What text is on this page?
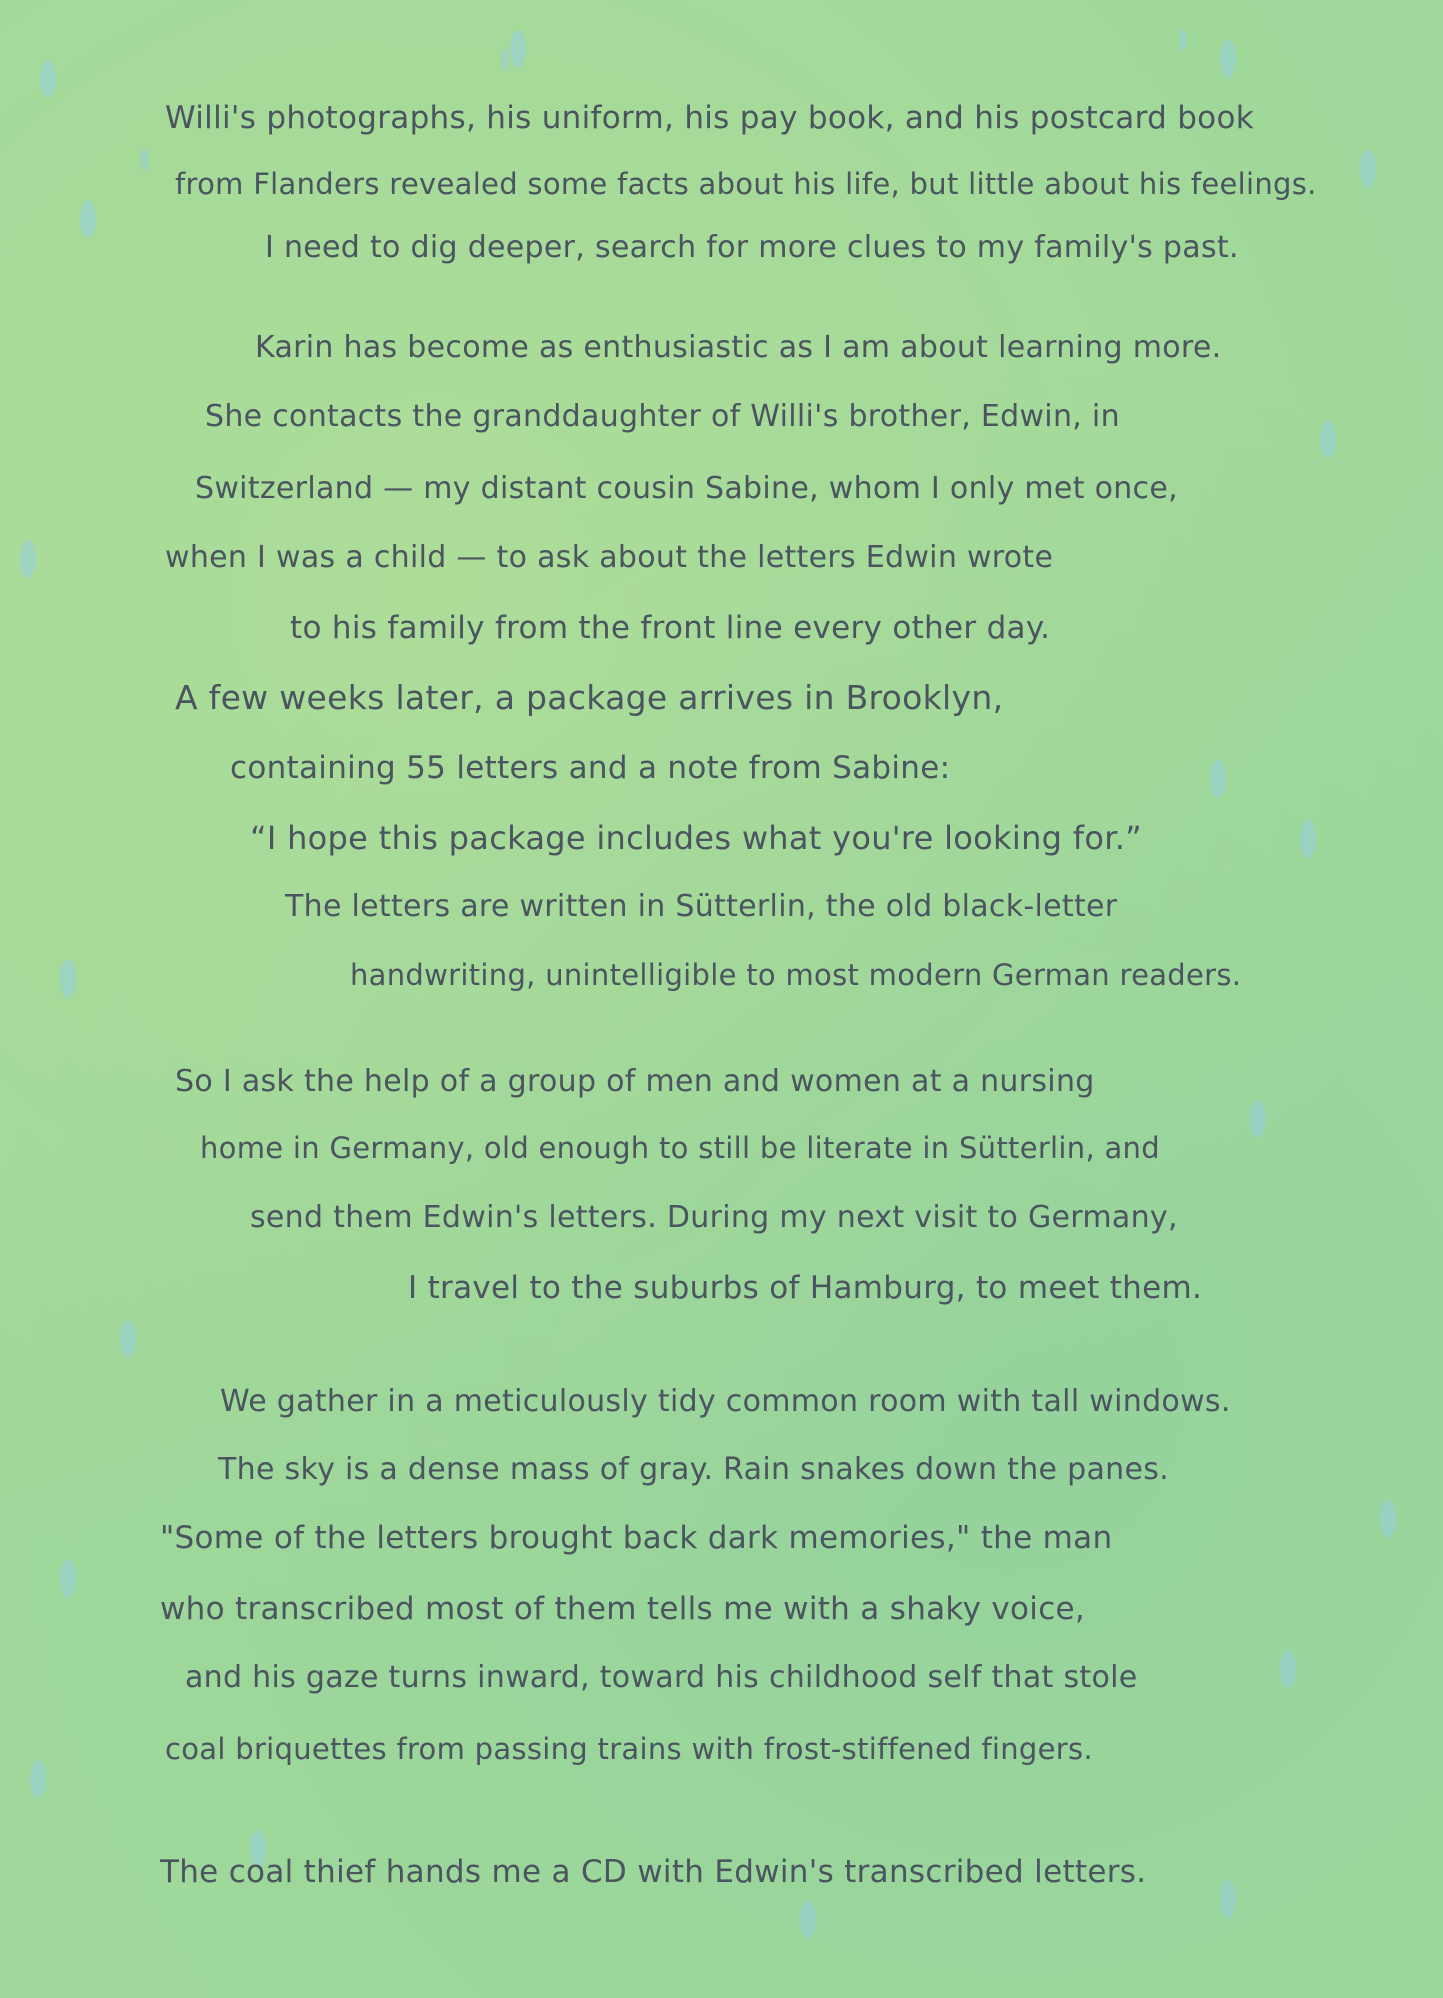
Willi's photographs, his uniform, his pay book, and his postcard book

from Flanders revealed some facts about his life, but little about his feelings.

I need to dig deeper, search for more clues to my family's past.

Karin has become as enthusiastic as I am about learning more.

She contacts the granddaughter of Willi's brother, Edwin, in

Switzerland — my distant cousin Sabine, whom I only met once,

when I was a child — to ask about the letters Edwin wrote

to his family from the front line every other day.

A few weeks later, a package arrives in Brooklyn,

containing 55 letters and a note from Sabine:

“I hope this package includes what you're looking for.”

The letters are written in Sütterlin, the old black-letter

handwriting, unintelligible to most modern German readers.

So I ask the help of a group of men and women at a nursing

home in Germany, old enough to still be literate in Sütterlin, and

send them Edwin's letters. During my next visit to Germany,

I travel to the suburbs of Hamburg, to meet them.

We gather in a meticulously tidy common room with tall windows.

The sky is a dense mass of gray. Rain snakes down the panes.

"Some of the letters brought back dark memories," the man

who transcribed most of them tells me with a shaky voice,

and his gaze turns inward, toward his childhood self that stole

coal briquettes from passing trains with frost-stiffened fingers.

The coal thief hands me a CD with Edwin's transcribed letters.
